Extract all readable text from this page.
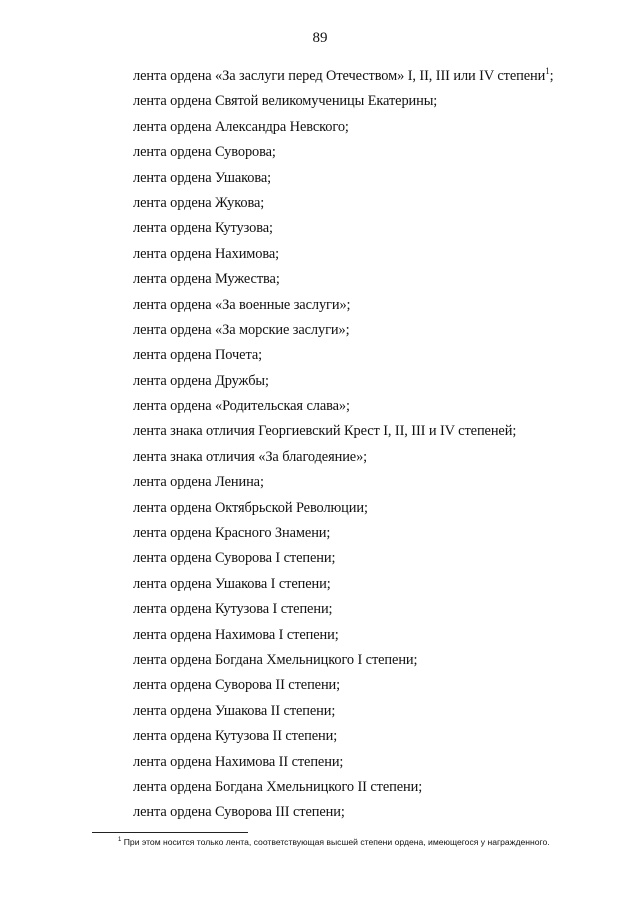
89
лента ордена «За заслуги перед Отечеством» I, II, III или IV степени$^1$;
лента ордена Святой великомученицы Екатерины;
лента ордена Александра Невского;
лента ордена Суворова;
лента ордена Ушакова;
лента ордена Жукова;
лента ордена Кутузова;
лента ордена Нахимова;
лента ордена Мужества;
лента ордена «За военные заслуги»;
лента ордена «За морские заслуги»;
лента ордена Почета;
лента ордена Дружбы;
лента ордена «Родительская слава»;
лента знака отличия Георгиевский Крест I, II, III и IV степеней;
лента знака отличия «За благодеяние»;
лента ордена Ленина;
лента ордена Октябрьской Революции;
лента ордена Красного Знамени;
лента ордена Суворова I степени;
лента ордена Ушакова I степени;
лента ордена Кутузова I степени;
лента ордена Нахимова I степени;
лента ордена Богдана Хмельницкого I степени;
лента ордена Суворова II степени;
лента ордена Ушакова II степени;
лента ордена Кутузова II степени;
лента ордена Нахимова II степени;
лента ордена Богдана Хмельницкого II степени;
лента ордена Суворова III степени;
$^1$ При этом носится только лента, соответствующая высшей степени ордена, имеющегося у награжденного.
